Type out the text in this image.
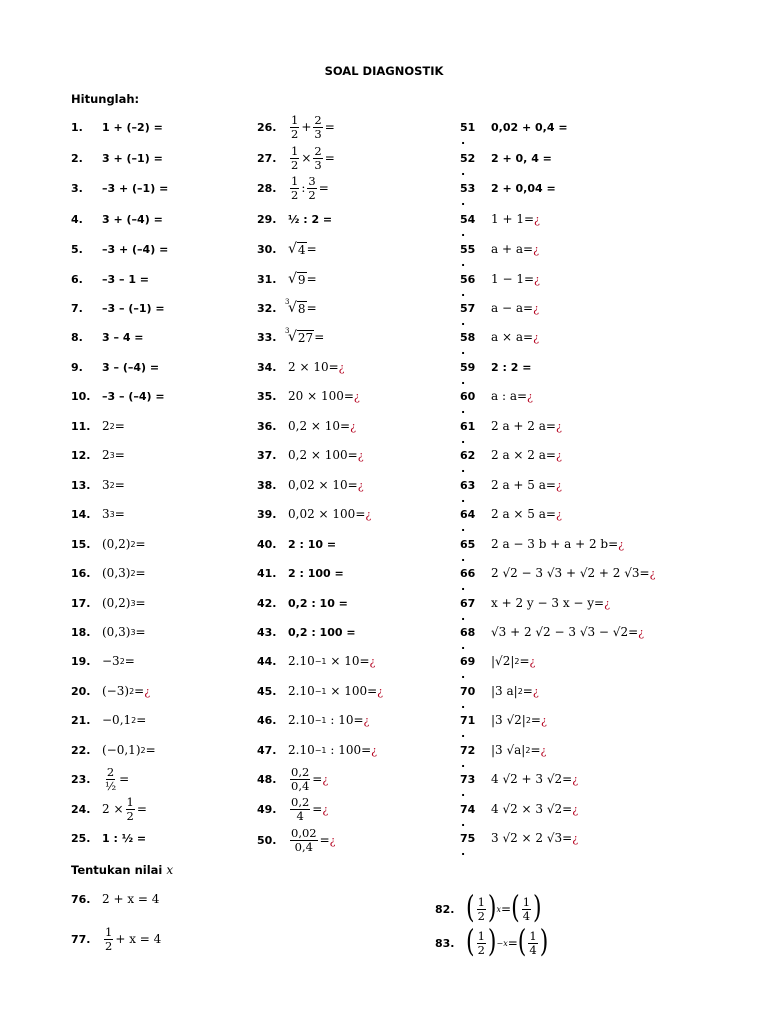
SOAL DIAGNOSTIK
Hitunglah:
1.	1 + (–2) =
2.	3 + (–1) =
3.	–3 + (–1) =
4.	3 + (–4) =
5.	–3 + (–4) =
6.	–3 – 1 =
7.	–3 – (–1) =
8.	3 – 4 =
9.	3 – (–4) =
10.	–3 – (–4) =
11. 2 2 =
12. 2 3 =
13. 3 2 =
14. 3 3 =
15. (0,2) 2 =
16. (0,3) 2 =
17. (0,2) 3 =
18. (0,3) 3 =
19. −3 2 =
20. (−3) 2 = ¿
21. −0,1 2 =
22. (−0,1) 2 =
23.	$\frac{2}{\text{½}}$ =
24. $2 \times \frac{1}{2}$ =
25.	1 : ½ =
26.	$\frac{1}{2} + \frac{2}{3}$ =
27.	$\frac{1}{2} \times \frac{2}{3}$ =
28.	$\frac{1}{2}$ : $\frac{3}{2}$ =
29.	½ : 2 =
30. √ 4 =
31. √ 9 =
32.	3
√ 8 =
33.	3
√ 27 =
34. 2 × 10 = ¿
35. 20 × 100 = ¿
36. 0,2 × 10 = ¿
37. 0,2 × 100 = ¿
38. 0,02 × 10 = ¿
39. 0,02 × 100 = ¿
40.	2 : 10 =
41.	2 : 100 =
42.	0,2 : 10 =
43.	0,2 : 100 =
44. 2.10 −1 × 10 = ¿
45. 2.10 −1 × 100 = ¿
46. 2.10 −1 : 10 = ¿
47. 2.10 −1 : 100 = ¿
48.	$\frac{0,2}{0,4}$ = ¿
49.	$\frac{0,2}{4}$ = ¿
50.	$\frac{0,02}{0,4}$ = ¿
51
.
0,02 + 0,4 =
52
.
2 + 0, 4 =
53
.
2 + 0,04 =
54
.
1 + 1 = ¿
55
.
a + a = ¿
56
.
1 − 1 = ¿
57
.
a − a = ¿
58
.
a × a = ¿
59
.
2 : 2 =
60
.
a : a = ¿
61
.
2 a + 2 a = ¿
62
.
2 a × 2 a = ¿
63
.
2 a + 5 a = ¿
64
.
2 a × 5 a = ¿
65
.
2 a − 3 b + a + 2 b = ¿
66
.
2 √2 − 3 √3 + √2 + 2 √3 = ¿
67
.
x + 2 y − 3 x − y = ¿
68
.
√3 + 2 √2 − 3 √3 − √2 = ¿
69
.
|√2| 2 = ¿
70
.
|3 a| 2 = ¿
71
.
|3 √2| 2 = ¿
72
.
|3 √a| 2 = ¿
73
.
4 √2 + 3 √2 = ¿
74
.
4 √2 × 3 √2 = ¿
75
.
3 √2 × 2 √3 = ¿
Tentukan nilai x
76. 2 + x = 4
77.	$\frac{1}{2} + x = 4$
82. ( $\frac{1}{2}$ ) x = ( $\frac{1}{4}$ )
83. ( $\frac{1}{2}$ ) −x = ( $\frac{1}{4}$ )
